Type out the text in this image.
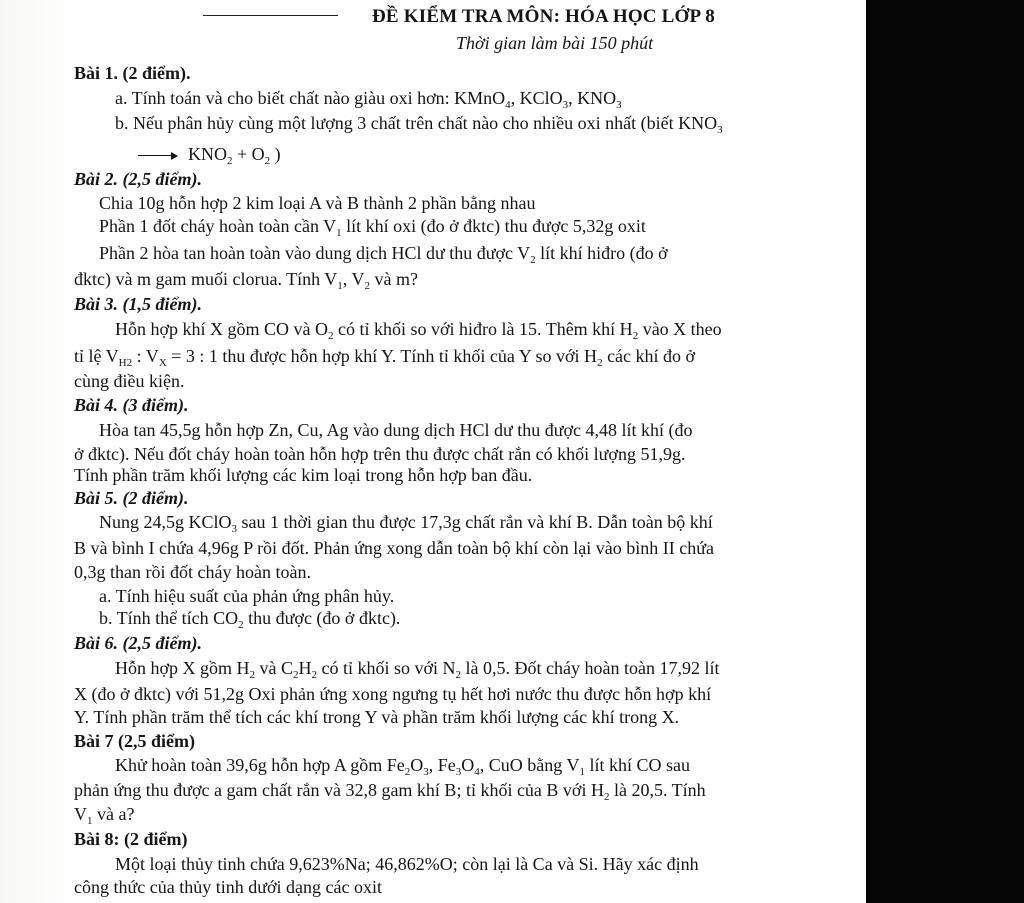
ĐỀ KIỂM TRA MÔN: HÓA HỌC LỚP 8
Thời gian làm bài 150 phút
Bài 1. (2 điểm).
a. Tính toán và cho biết chất nào giàu oxi hơn: KMnO$_4$, KClO$_3$, $KNO_3$
b. Nếu phân hủy cùng một lượng 3 chất trên chất nào cho nhiều oxi nhất (biết $KNO_3$
$KNO_2 + O_2$ )
Bài 2. (2,5 điểm).
Chia 10g hỗn hợp 2 kim loại A và B thành 2 phần bằng nhau
Phần 1 đốt cháy hoàn toàn cần $V_1$ lít khí oxi (đo ở đktc) thu được 5,32g oxit
Phần 2 hòa tan hoàn toàn vào dung dịch HCl dư thu được $V_2$ lít khí hiđro (đo ở
đktc) và m gam muối clorua. Tính $V_1$, $V_2$ và m?
Bài 3. (1,5 điểm).
Hỗn hợp khí X gồm CO và $O_2$ có tỉ khối so với hiđro là 15. Thêm khí $H_2$ vào X theo
tỉ lệ $V_{H2}$ : $V_X = 3$ : 1 thu được hỗn hợp khí Y. Tính tỉ khối của Y so với $H_2$ các khí đo ở
cùng điều kiện.
Bài 4. (3 điểm).
Hòa tan 45,5g hỗn hợp Zn, Cu, Ag vào dung dịch HCl dư thu được 4,48 lít khí (đo
ở đktc). Nếu đốt cháy hoàn toàn hỗn hợp trên thu được chất rắn có khối lượng 51,9g.
Tính phần trăm khối lượng các kim loại trong hỗn hợp ban đầu.
Bài 5. (2 điểm).
Nung 24,5g KClO$_3$ sau 1 thời gian thu được 17,3g chất rắn và khí B. Dẫn toàn bộ khí
B và bình I chứa 4,96g P rồi đốt. Phản ứng xong dẫn toàn bộ khí còn lại vào bình II chứa
0,3g than rồi đốt cháy hoàn toàn.
a. Tính hiệu suất của phản ứng phân hủy.
b. Tính thể tích $CO_2$ thu được (đo ở đktc).
Bài 6. (2,5 điểm).
Hỗn hợp X gồm $H_2$ và $C_2H_2$ có tỉ khối so với $N_2$ là 0,5. Đốt cháy hoàn toàn 17,92 lít
X (đo ở đktc) với 51,2g Oxi phản ứng xong ngưng tụ hết hơi nước thu được hỗn hợp khí
Y. Tính phần trăm thể tích các khí trong Y và phần trăm khối lượng các khí trong X.
Bài 7 (2,5 điểm)
Khử hoàn toàn 39,6g hỗn hợp A gồm $Fe_2O_3$, $Fe_3O_4$, CuO bằng $V_1$ lít khí CO sau
phản ứng thu được a gam chất rắn và 32,8 gam khí B; tỉ khối của B với $H_2$ là 20,5. Tính
$V_1$ và a?
Bài 8: (2 điểm)
Một loại thủy tinh chứa 9,623%Na; 46,862%O; còn lại là Ca và Si. Hãy xác định
công thức của thủy tinh dưới dạng các oxit
